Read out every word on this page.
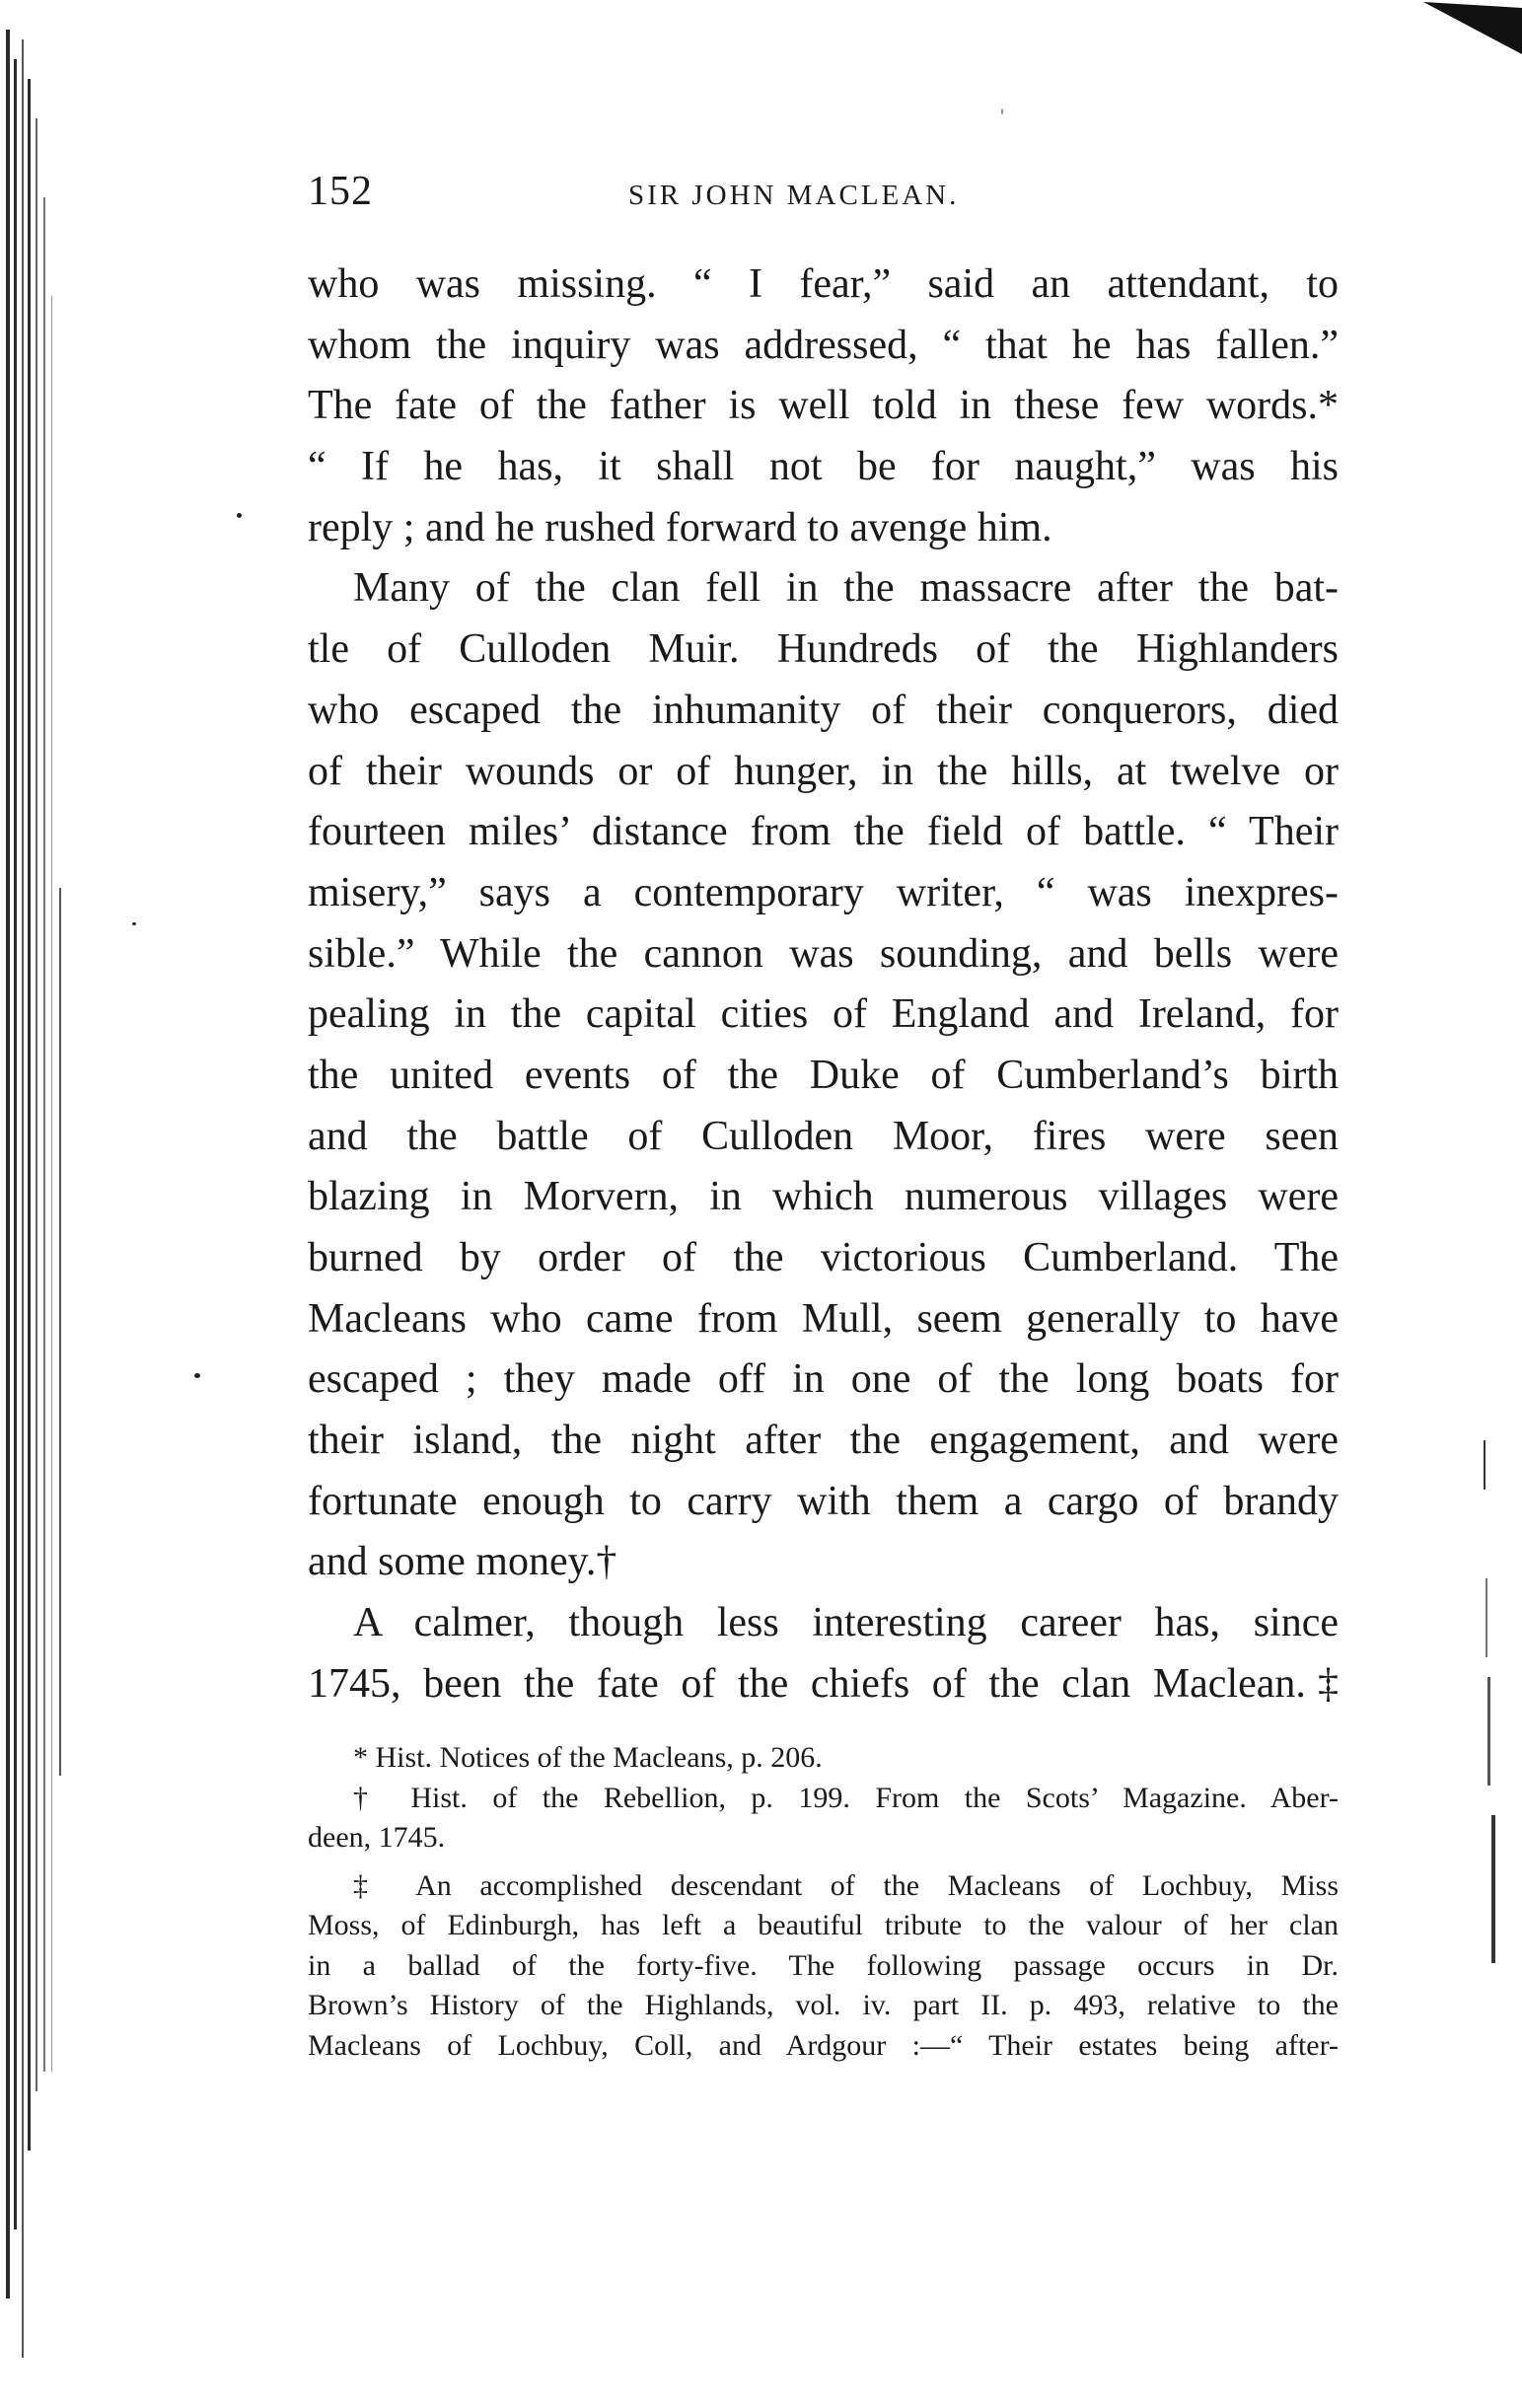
152	SIR JOHN MACLEAN.
who was missing. “ I fear,” said an attendant, to
whom the inquiry was addressed, “ that he has fallen.”
The fate of the father is well told in these few words.*
“ If he has, it shall not be for naught,” was his
reply ; and he rushed forward to avenge him.
Many of the clan fell in the massacre after the bat-
tle of Culloden Muir. Hundreds of the Highlanders
who escaped the inhumanity of their conquerors, died
of their wounds or of hunger, in the hills, at twelve or
fourteen miles’ distance from the field of battle. “ Their
misery,” says a contemporary writer, “ was inexpres-
sible.” While the cannon was sounding, and bells were
pealing in the capital cities of England and Ireland, for
the united events of the Duke of Cumberland’s birth
and the battle of Culloden Moor, fires were seen
blazing in Morvern, in which numerous villages were
burned by order of the victorious Cumberland. The
Macleans who came from Mull, seem generally to have
escaped ; they made off in one of the long boats for
their island, the night after the engagement, and were
fortunate enough to carry with them a cargo of brandy
and some money.†
A calmer, though less interesting career has, since
1745, been the fate of the chiefs of the clan Maclean.‡
* Hist. Notices of the Macleans, p. 206.
† Hist. of the Rebellion, p. 199. From the Scots’ Magazine. Aber-
deen, 1745.
‡ An accomplished descendant of the Macleans of Lochbuy, Miss
Moss, of Edinburgh, has left a beautiful tribute to the valour of her clan
in a ballad of the forty-five. The following passage occurs in Dr.
Brown’s History of the Highlands, vol. iv. part II. p. 493, relative to the
Macleans of Lochbuy, Coll, and Ardgour :—“ Their estates being after-
